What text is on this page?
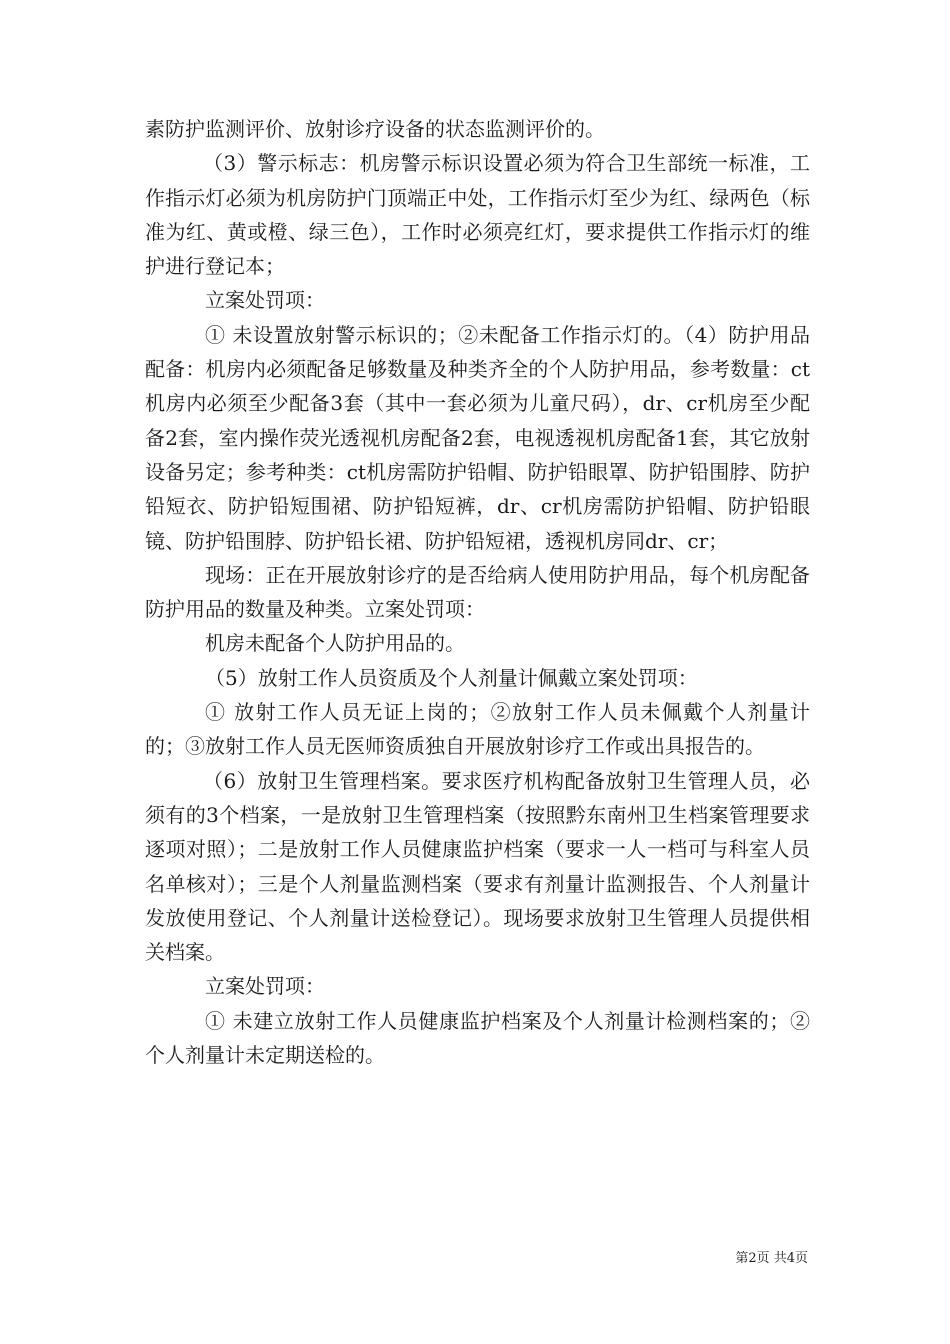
素防护监测评价、放射诊疗设备的状态监测评价的。

（3）警示标志：机房警示标识设置必须为符合卫生部统一标准，工作指示灯必须为机房防护门顶端正中处，工作指示灯至少为红、绿两色（标准为红、黄或橙、绿三色），工作时必须亮红灯，要求提供工作指示灯的维护进行登记本；

立案处罚项：

① 未设置放射警示标识的；②未配备工作指示灯的。（4）防护用品配备：机房内必须配备足够数量及种类齐全的个人防护用品，参考数量：ct机房内必须至少配备3套（其中一套必须为儿童尺码），dr、cr机房至少配备2套，室内操作荧光透视机房配备2套，电视透视机房配备1套，其它放射设备另定；参考种类：ct机房需防护铅帽、防护铅眼罩、防护铅围脖、防护铅短衣、防护铅短围裙、防护铅短裤，dr、cr机房需防护铅帽、防护铅眼镜、防护铅围脖、防护铅长裙、防护铅短裙，透视机房同dr、cr；

现场：正在开展放射诊疗的是否给病人使用防护用品，每个机房配备防护用品的数量及种类。立案处罚项：

机房未配备个人防护用品的。

（5）放射工作人员资质及个人剂量计佩戴立案处罚项：

① 放射工作人员无证上岗的；②放射工作人员未佩戴个人剂量计的；③放射工作人员无医师资质独自开展放射诊疗工作或出具报告的。

（6）放射卫生管理档案。要求医疗机构配备放射卫生管理人员，必须有的3个档案，一是放射卫生管理档案（按照黔东南州卫生档案管理要求逐项对照）；二是放射工作人员健康监护档案（要求一人一档可与科室人员名单核对）；三是个人剂量监测档案（要求有剂量计监测报告、个人剂量计发放使用登记、个人剂量计送检登记）。现场要求放射卫生管理人员提供相关档案。

立案处罚项：

① 未建立放射工作人员健康监护档案及个人剂量计检测档案的；②个人剂量计未定期送检的。

第2页 共4页
